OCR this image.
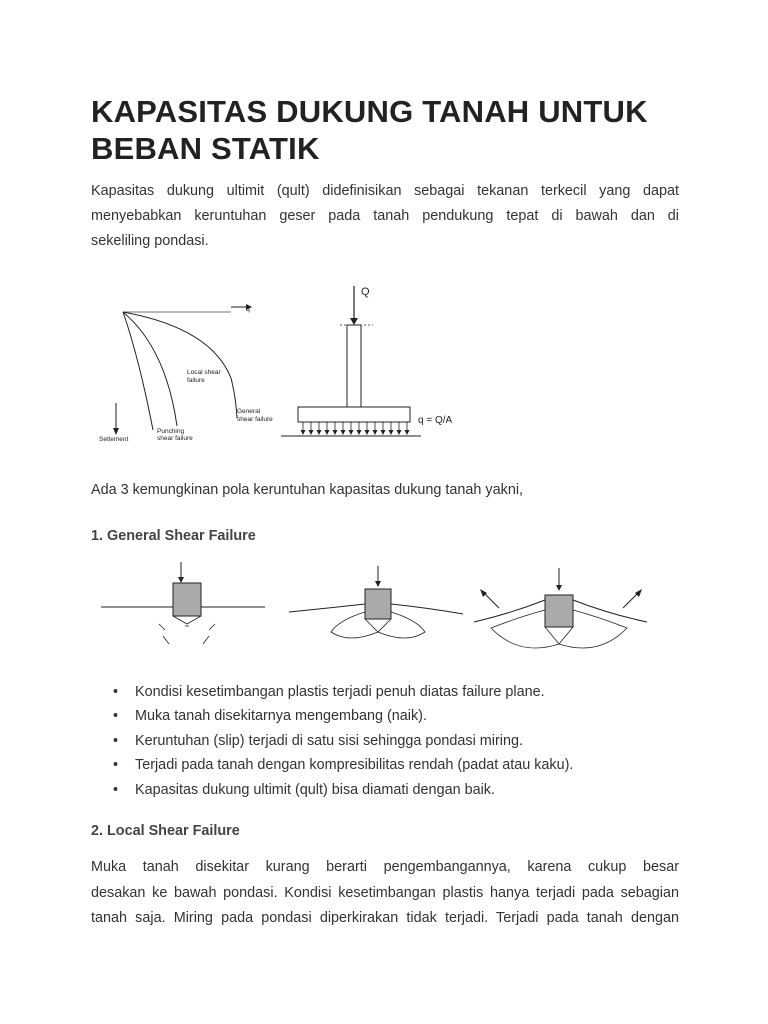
KAPASITAS DUKUNG TANAH UNTUK
BEBAN STATIK

Kapasitas dukung ultimit (qult) didefinisikan sebagai tekanan terkecil yang dapat
menyebabkan keruntuhan geser pada tanah pendukung tepat di bawah dan di
sekeliling pondasi.

q
Setlement
Local shear
failure
Punching
shear failure
General
shear failure
Q
q = Q/A

Ada 3 kemungkinan pola keruntuhan kapasitas dukung tanah yakni,

1. General Shear Failure

• Kondisi kesetimbangan plastis terjadi penuh diatas failure plane.
• Muka tanah disekitarnya mengembang (naik).
• Keruntuhan (slip) terjadi di satu sisi sehingga pondasi miring.
• Terjadi pada tanah dengan kompresibilitas rendah (padat atau kaku).
• Kapasitas dukung ultimit (qult) bisa diamati dengan baik.

2. Local Shear Failure

Muka tanah disekitar kurang berarti pengembangannya, karena cukup besar
desakan ke bawah pondasi. Kondisi kesetimbangan plastis hanya terjadi pada sebagian
tanah saja. Miring pada pondasi diperkirakan tidak terjadi. Terjadi pada tanah dengan
